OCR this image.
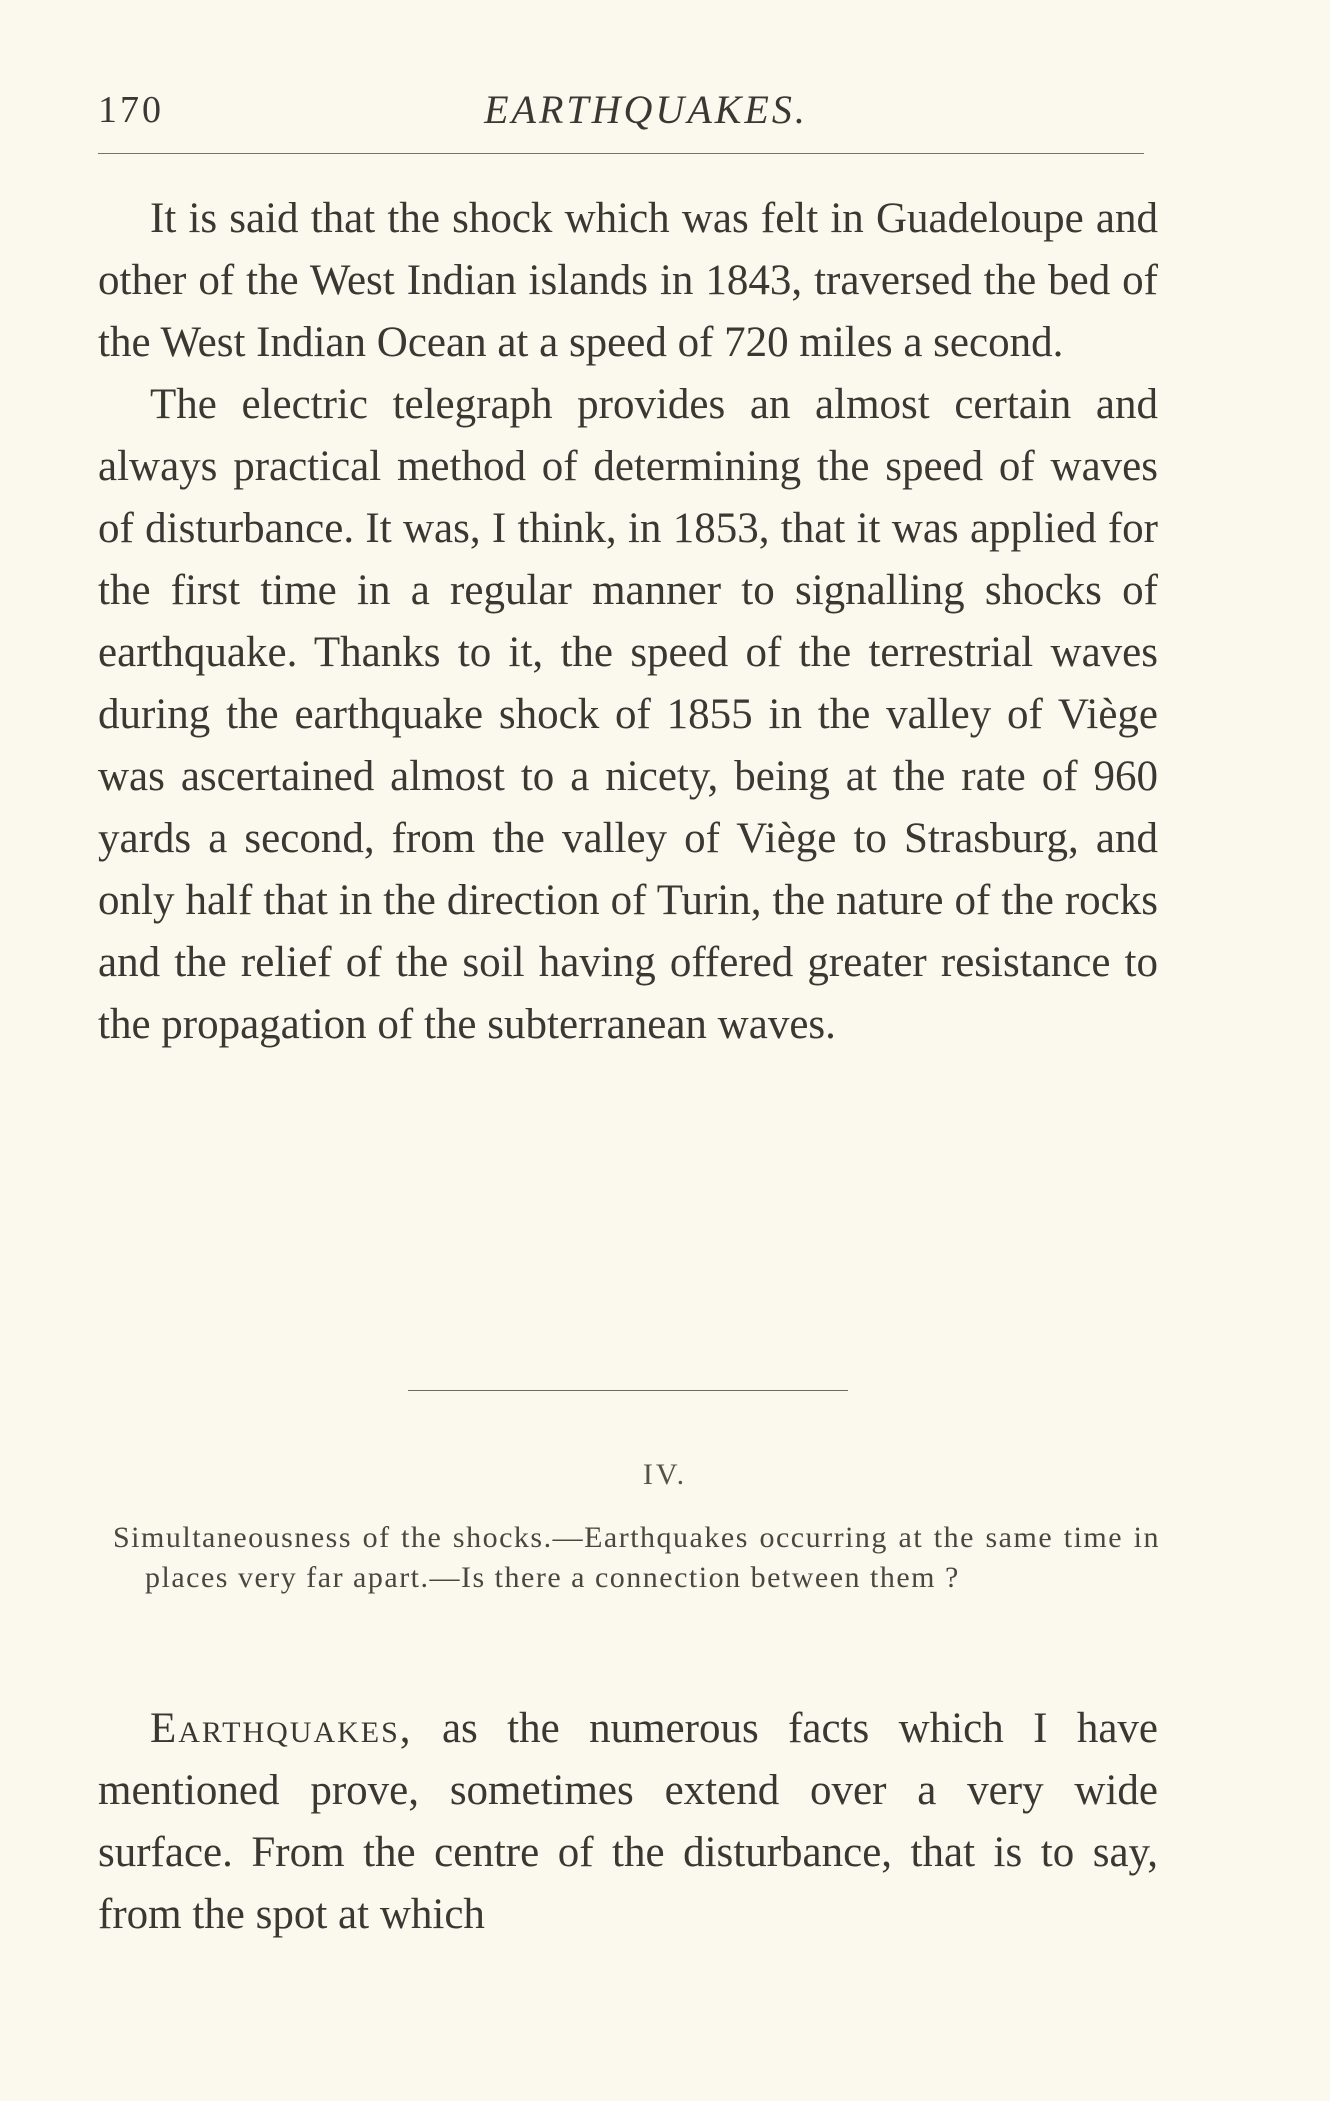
170	EARTHQUAKES.

It is said that the shock which was felt in Guadeloupe and other of the West Indian islands in 1843, traversed the bed of the West Indian Ocean at a speed of 720 miles a second.

The electric telegraph provides an almost certain and always practical method of determining the speed of waves of disturbance. It was, I think, in 1853, that it was applied for the first time in a regular manner to signalling shocks of earthquake. Thanks to it, the speed of the terrestrial waves during the earthquake shock of 1855 in the valley of Viège was ascertained almost to a nicety, being at the rate of 960 yards a second, from the valley of Viège to Strasburg, and only half that in the direction of Turin, the nature of the rocks and the relief of the soil having offered greater resistance to the propagation of the subterranean waves.

IV.

Simultaneousness of the shocks.—Earthquakes occurring at the same time in places very far apart.—Is there a connection between them ?

Earthquakes, as the numerous facts which I have mentioned prove, sometimes extend over a very wide surface. From the centre of the disturbance, that is to say, from the spot at which
